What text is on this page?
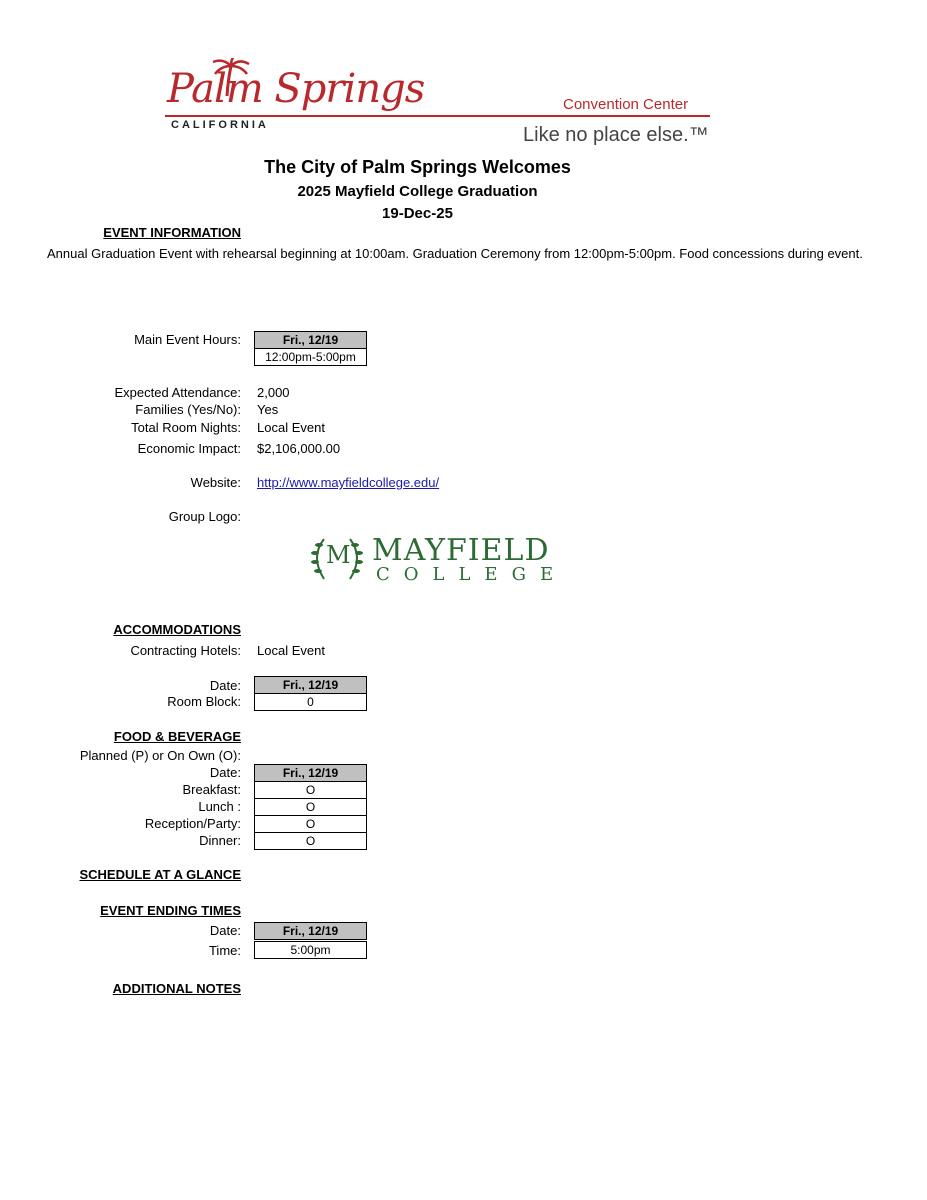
Palm Springs
CALIFORNIA
Convention Center
Like no place else.™
The City of Palm Springs Welcomes
2025 Mayfield College Graduation
19-Dec-25
EVENT INFORMATION
Annual Graduation Event with rehearsal beginning at 10:00am. Graduation Ceremony from 12:00pm-5:00pm. Food concessions during event.
Main Event Hours:	Fri., 12/19
12:00pm-5:00pm
Expected Attendance: 2,000
Families (Yes/No): Yes
Total Room Nights: Local Event
Economic Impact: $2,106,000.00
Website: http://www.mayfieldcollege.edu/
Group Logo:
M MAYFIELD
COLLEGE
ACCOMMODATIONS
Contracting Hotels: Local Event
Date:	Fri., 12/19
Room Block:	0
FOOD & BEVERAGE
Planned (P) or On Own (O):
Date:	Fri., 12/19
Breakfast:	O
Lunch :	O
Reception/Party:	O
Dinner:	O
SCHEDULE AT A GLANCE
EVENT ENDING TIMES
Date:	Fri., 12/19
Time:	5:00pm
ADDITIONAL NOTES
